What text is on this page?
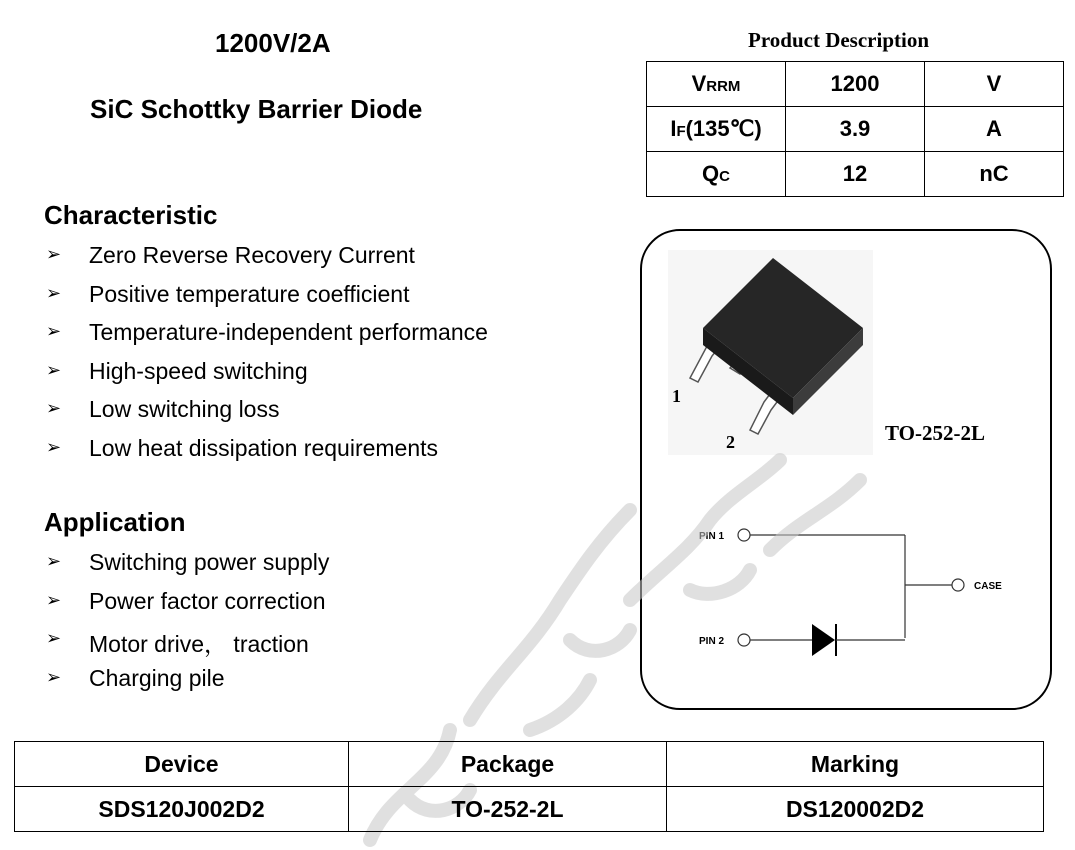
1200V/2A
SiC Schottky Barrier Diode
Characteristic
➢	Zero Reverse Recovery Current
➢	Positive temperature coefficient
➢	Temperature-independent performance
➢	High-speed switching
➢	Low switching loss
➢	Low heat dissipation requirements
Application
➢	Switching power supply
➢	Power factor correction
➢	Motor drive， traction
➢	Charging pile
Product Description
VRRM	1200	V
IF(135℃)	3.9	A
QC	12	nC
1
2	TO-252-2L
PIN 1
CASE
PIN 2
Device	Package	Marking
SDS120J002D2	TO-252-2L	DS120002D2
